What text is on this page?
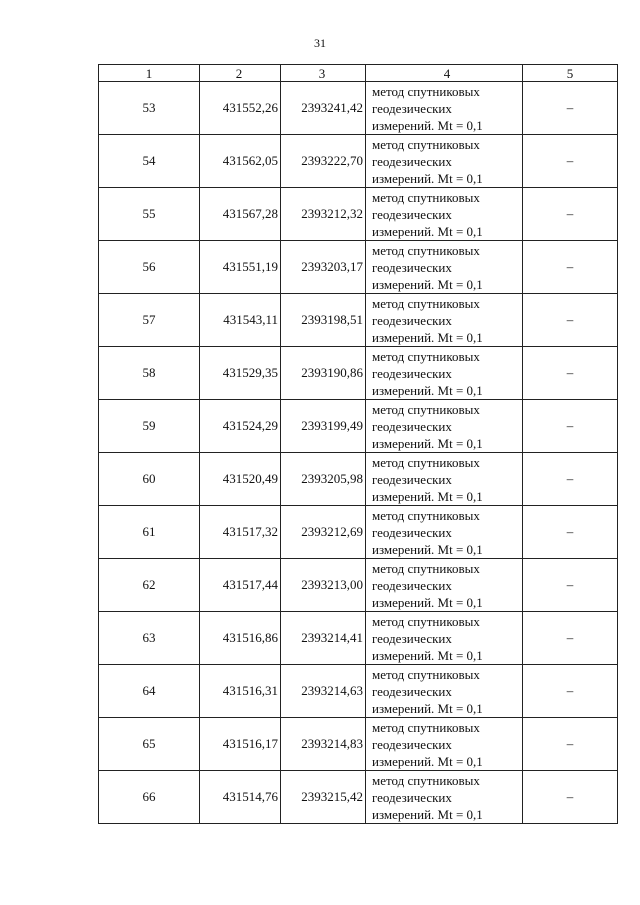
31
1	2	3	4	5
53	431552,26	2393241,42	метод спутниковых
геодезических
измерений. Mt = 0,1	–
54	431562,05	2393222,70	метод спутниковых
геодезических
измерений. Mt = 0,1	–
55	431567,28	2393212,32	метод спутниковых
геодезических
измерений. Mt = 0,1	–
56	431551,19	2393203,17	метод спутниковых
геодезических
измерений. Mt = 0,1	–
57	431543,11	2393198,51	метод спутниковых
геодезических
измерений. Mt = 0,1	–
58	431529,35	2393190,86	метод спутниковых
геодезических
измерений. Mt = 0,1	–
59	431524,29	2393199,49	метод спутниковых
геодезических
измерений. Mt = 0,1	–
60	431520,49	2393205,98	метод спутниковых
геодезических
измерений. Mt = 0,1	–
61	431517,32	2393212,69	метод спутниковых
геодезических
измерений. Mt = 0,1	–
62	431517,44	2393213,00	метод спутниковых
геодезических
измерений. Mt = 0,1	–
63	431516,86	2393214,41	метод спутниковых
геодезических
измерений. Mt = 0,1	–
64	431516,31	2393214,63	метод спутниковых
геодезических
измерений. Mt = 0,1	–
65	431516,17	2393214,83	метод спутниковых
геодезических
измерений. Mt = 0,1	–
66	431514,76	2393215,42	метод спутниковых
геодезических
измерений. Mt = 0,1	–
